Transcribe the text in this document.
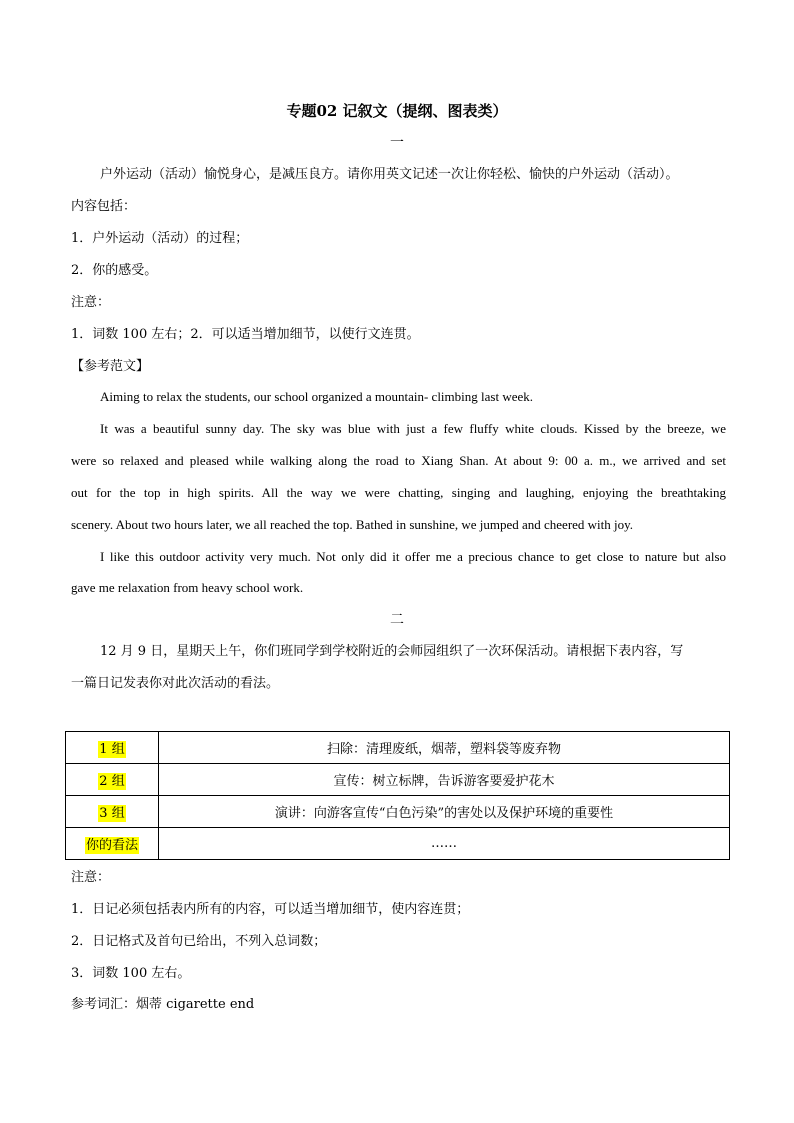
专题02 记叙文（提纲、图表类）
一
户外运动（活动）愉悦身心，是减压良方。请你用英文记述一次让你轻松、愉快的户外运动（活动）。
内容包括：
1．户外运动（活动）的过程；
2．你的感受。
注意：
1．词数 100 左右；2．可以适当增加细节，以使行文连贯。
【参考范文】
Aiming to relax the students, our school organized a mountain- climbing last week.
It was a beautiful sunny day. The sky was blue with just a few fluffy white clouds. Kissed by the breeze, we
were so relaxed and pleased while walking along the road to Xiang Shan. At about 9: 00 a. m., we arrived and set
out for the top in high spirits. All the way we were chatting, singing and laughing, enjoying the breathtaking
scenery. About two hours later, we all reached the top. Bathed in sunshine, we jumped and cheered with joy.
I like this outdoor activity very much. Not only did it offer me a precious chance to get close to nature but also
gave me relaxation from heavy school work.
二
12 月 9 日，星期天上午，你们班同学到学校附近的会师园组织了一次环保活动。请根据下表内容，写
一篇日记发表你对此次活动的看法。
1 组	扫除：清理废纸，烟蒂，塑料袋等废弃物
2 组	宣传：树立标牌，告诉游客要爱护花木
3 组	演讲：向游客宣传“白色污染”的害处以及保护环境的重要性
你的看法	……
注意：
1．日记必须包括表内所有的内容，可以适当增加细节，使内容连贯；
2．日记格式及首句已给出，不列入总词数；
3．词数 100 左右。
参考词汇：烟蒂 cigarette end
